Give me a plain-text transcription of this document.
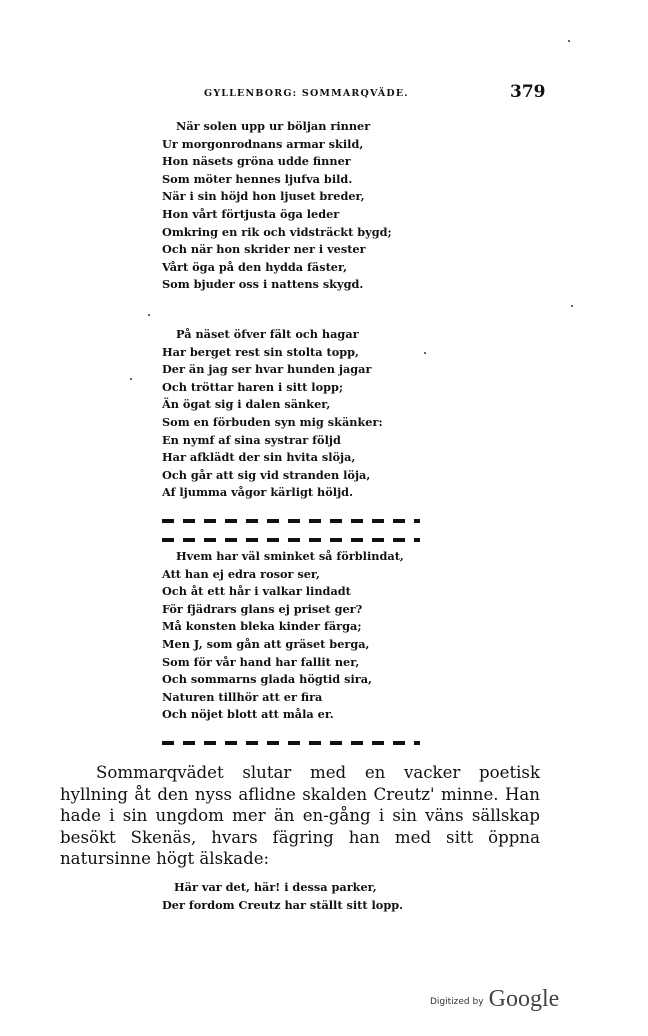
GYLLENBORG: SOMMARQVÄDE.	379
När solen upp ur böljan rinner
Ur morgonrodnans armar skild,
Hon näsets gröna udde finner
Som möter hennes ljufva bild.
När i sin höjd hon ljuset breder,
Hon vårt förtjusta öga leder
Omkring en rik och vidsträckt bygd;
Och när hon skrider ner i vester
Vårt öga på den hydda fäster,
Som bjuder oss i nattens skygd.
På näset öfver fält och hagar
Har berget rest sin stolta topp,
Der än jag ser hvar hunden jagar
Och tröttar haren i sitt lopp;
Än ögat sig i dalen sänker,
Som en förbuden syn mig skänker:
En nymf af sina systrar följd
Har afklädt der sin hvita slöja,
Och går att sig vid stranden löja,
Af ljumma vågor kärligt höljd.
Hvem har väl sminket så förblindat,
Att han ej edra rosor ser,
Och åt ett hår i valkar lindadt
För fjädrars glans ej priset ger?
Må konsten bleka kinder färga;
Men J, som gån att gräset berga,
Som för vår hand har fallit ner,
Och sommarns glada högtid sira,
Naturen tillhör att er fira
Och nöjet blott att måla er.

Sommarqvädet slutar med en vacker poetisk hyllning åt den nyss aflidne skalden Creutz' minne. Han hade i sin ungdom mer än en-gång i sin väns sällskap besökt Skenäs, hvars fägring han med sitt öppna natursinne högt älskade:

Här var det, här! i dessa parker,
Der fordom Creutz har ställt sitt lopp.
Digitized by Google
